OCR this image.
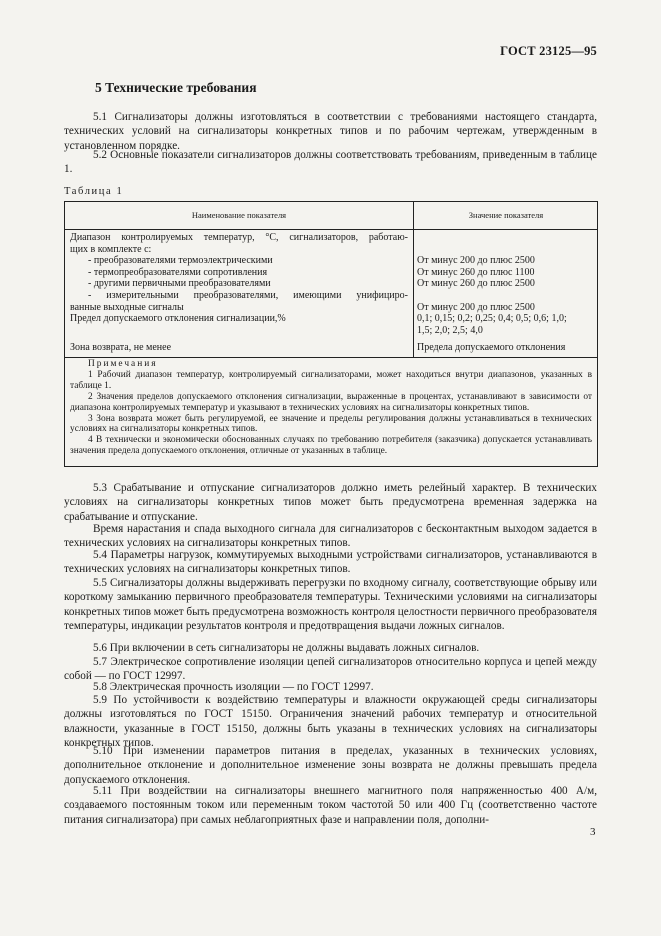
ГОСТ 23125—95
5 Технические требования
5.1 Сигнализаторы должны изготовляться в соответствии с требованиями настоящего стандарта, технических условий на сигнализаторы конкретных типов и по рабочим чертежам, утвержденным в установленном порядке.
5.2 Основные показатели сигнализаторов должны соответствовать требованиям, приведенным в таблице 1.
Таблица 1
Наименование показателя	Значение показателя
Диапазон контролируемых температур, °С, сигнализаторов, работаю-
щих в комплекте с:
- преобразователями термоэлектрическими
- термопреобразователями сопротивления
- другими первичными преобразователями
- измерительными преобразователями, имеющими унифициро-
ванные выходные сигналы
Предел допускаемого отклонения сигнализации,%
От минус 200 до плюс 2500
От минус 260 до плюс 1100
От минус 260 до плюс 2500
От минус 200 до плюс 2500
0,1; 0,15; 0,2; 0,25; 0,4; 0,5; 0,6; 1,0;
1,5; 2,0; 2,5; 4,0
Зона возврата, не менее	Предела допускаемого отклонения
Примечания
1 Рабочий диапазон температур, контролируемый сигнализаторами, может находиться внутри диапазонов, указанных в таблице 1.
2 Значения пределов допускаемого отклонения сигнализации, выраженные в процентах, устанавливают в зависимости от диапазона контролируемых температур и указывают в технических условиях на сигнализаторы конкретных типов.
3 Зона возврата может быть регулируемой, ее значение и пределы регулирования должны устанавливаться в технических условиях на сигнализаторы конкретных типов.
4 В технически и экономически обоснованных случаях по требованию потребителя (заказчика) допускается устанавливать значения предела допускаемого отклонения, отличные от указанных в таблице.
5.3 Срабатывание и отпускание сигнализаторов должно иметь релейный характер. В технических условиях на сигнализаторы конкретных типов может быть предусмотрена временная задержка на срабатывание и отпускание.
Время нарастания и спада выходного сигнала для сигнализаторов с бесконтактным выходом задается в технических условиях на сигнализаторы конкретных типов.
5.4 Параметры нагрузок, коммутируемых выходными устройствами сигнализаторов, устанавливаются в технических условиях на сигнализаторы конкретных типов.
5.5 Сигнализаторы должны выдерживать перегрузки по входному сигналу, соответствующие обрыву или короткому замыканию первичного преобразователя температуры. Техническими условиями на сигнализаторы конкретных типов может быть предусмотрена возможность контроля целостности первичного преобразователя температуры, индикации результатов контроля и предотвращения выдачи ложных сигналов.
5.6 При включении в сеть сигнализаторы не должны выдавать ложных сигналов.
5.7 Электрическое сопротивление изоляции цепей сигнализаторов относительно корпуса и цепей между собой — по ГОСТ 12997.
5.8 Электрическая прочность изоляции — по ГОСТ 12997.
5.9 По устойчивости к воздействию температуры и влажности окружающей среды сигнализаторы должны изготовляться по ГОСТ 15150. Ограничения значений рабочих температур и относительной влажности, указанные в ГОСТ 15150, должны быть указаны в технических условиях на сигнализаторы конкретных типов.
5.10 При изменении параметров питания в пределах, указанных в технических условиях, дополнительное отклонение и дополнительное изменение зоны возврата не должны превышать предела допускаемого отклонения.
5.11 При воздействии на сигнализаторы внешнего магнитного поля напряженностью 400 А/м, создаваемого постоянным током или переменным током частотой 50 или 400 Гц (соответственно частоте питания сигнализатора) при самых неблагоприятных фазе и направлении поля, дополни-
3
